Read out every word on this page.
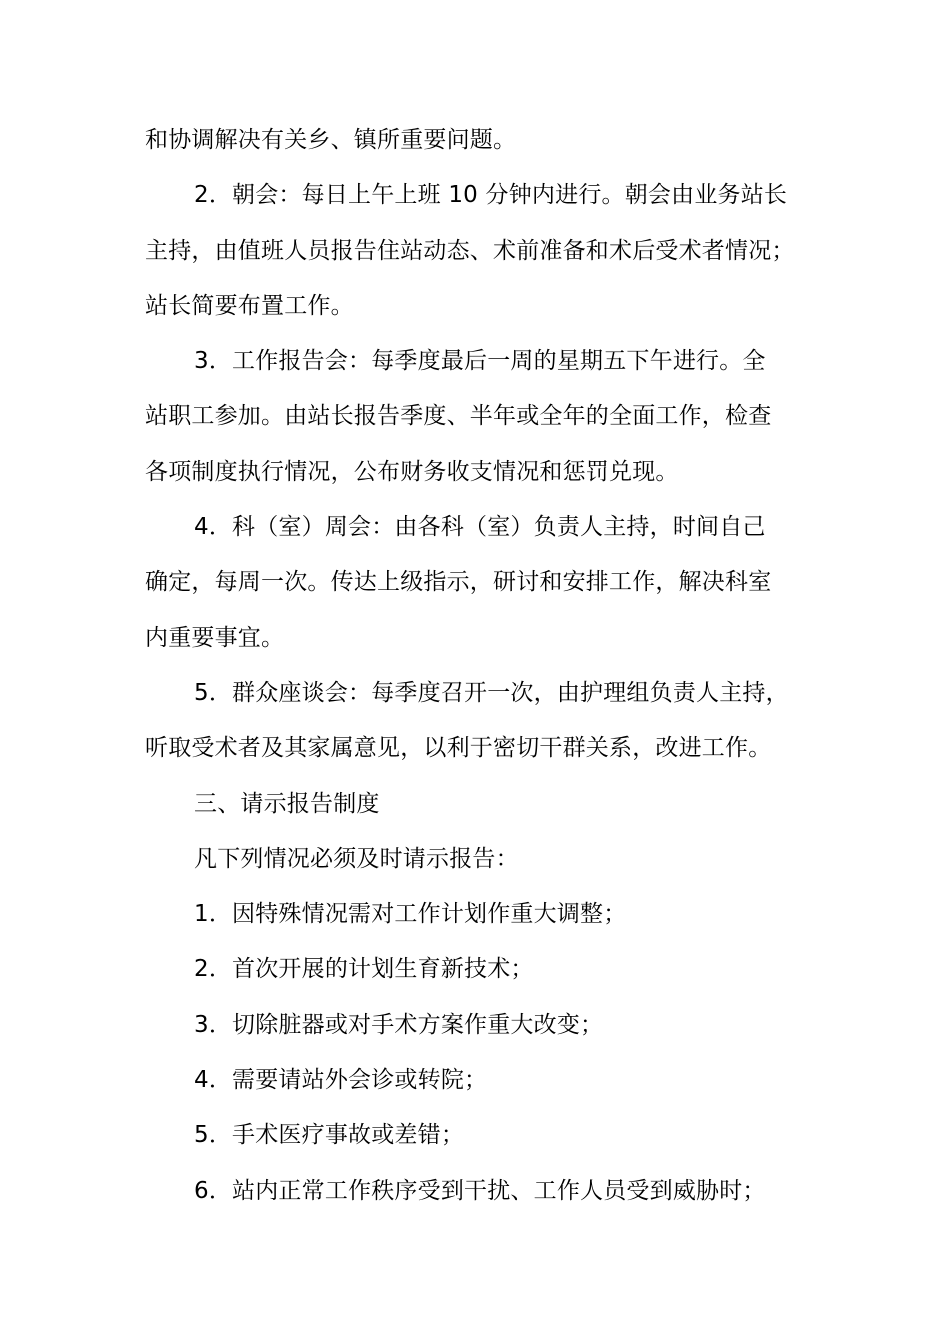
和协调解决有关乡、镇所重要问题。
2．朝会：每日上午上班 10 分钟内进行。朝会由业务站长
主持，由值班人员报告住站动态、术前准备和术后受术者情况；
站长简要布置工作。
3．工作报告会：每季度最后一周的星期五下午进行。全
站职工参加。由站长报告季度、半年或全年的全面工作，检查
各项制度执行情况，公布财务收支情况和惩罚兑现。
4．科（室）周会：由各科（室）负责人主持，时间自己
确定，每周一次。传达上级指示，研讨和安排工作，解决科室
内重要事宜。
5．群众座谈会：每季度召开一次，由护理组负责人主持，
听取受术者及其家属意见，以利于密切干群关系，改进工作。
三、请示报告制度
凡下列情况必须及时请示报告：
1．因特殊情况需对工作计划作重大调整；
2．首次开展的计划生育新技术；
3．切除脏器或对手术方案作重大改变；
4．需要请站外会诊或转院；
5．手术医疗事故或差错；
6．站内正常工作秩序受到干扰、工作人员受到威胁时；
